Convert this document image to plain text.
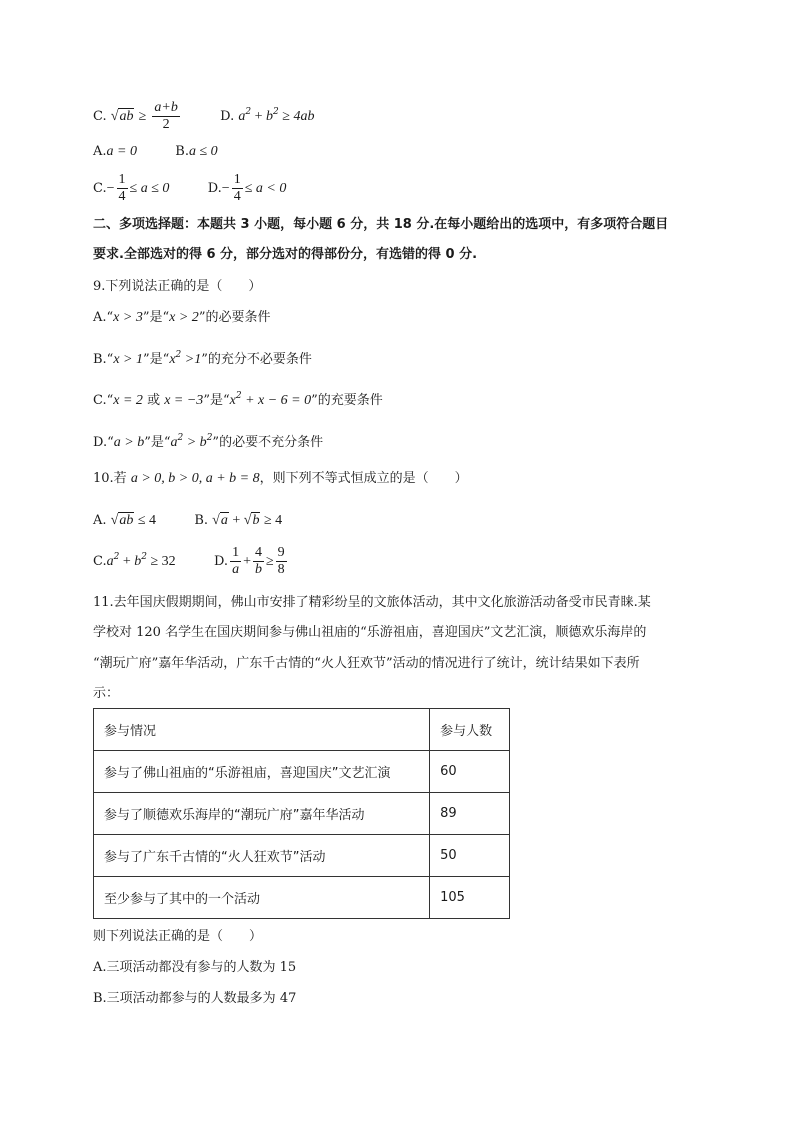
C. $√ab \ge \frac{a+b}{2}$	D. $a^2 + b^2 \ge 4ab$
A.a = 0	B.a ≤ 0
$C.- \frac{1}{4} \le a \le 0$	$D.- \frac{1}{4} \le a < 0$
二、多项选择题：本题共 3 小题，每小题 6 分，共 18 分.在每小题给出的选项中，有多项符合题目
要求.全部选对的得 6 分，部分选对的得部份分，有选错的得 0 分.
9.下列说法正确的是（　　）
A.“x > 3”是“x > 2”的必要条件
B.“x > 1”是“$x^2 >1$”的充分不必要条件
C.“x = 2 或 x = −3”是“$x^2 + x - 6 = 0$”的充要条件
D.“a > b”是“$a^2 > b^2$”的必要不充分条件
10.若 a > 0, b > 0, a + b = 8，则下列不等式恒成立的是（　　）
A. √ab ≤ 4	B. √a + √b ≥ 4
$C.a^2 + b^2 \ge 32$	D. $\frac{1}{a} + \frac{4}{b} \ge \frac{9}{8}$
11.去年国庆假期期间，佛山市安排了精彩纷呈的文旅体活动，其中文化旅游活动备受市民青睐.某
学校对 120 名学生在国庆期间参与佛山祖庙的“乐游祖庙，喜迎国庆”文艺汇演，顺德欢乐海岸的
“潮玩广府”嘉年华活动，广东千古情的“火人狂欢节”活动的情况进行了统计，统计结果如下表所
示：
参与情况	参与人数
参与了佛山祖庙的“乐游祖庙，喜迎国庆”文艺汇演	60
参与了顺德欢乐海岸的“潮玩广府”嘉年华活动	89
参与了广东千古情的“火人狂欢节”活动	50
至少参与了其中的一个活动	105
则下列说法正确的是（　　）
A.三项活动都没有参与的人数为 15
B.三项活动都参与的人数最多为 47
